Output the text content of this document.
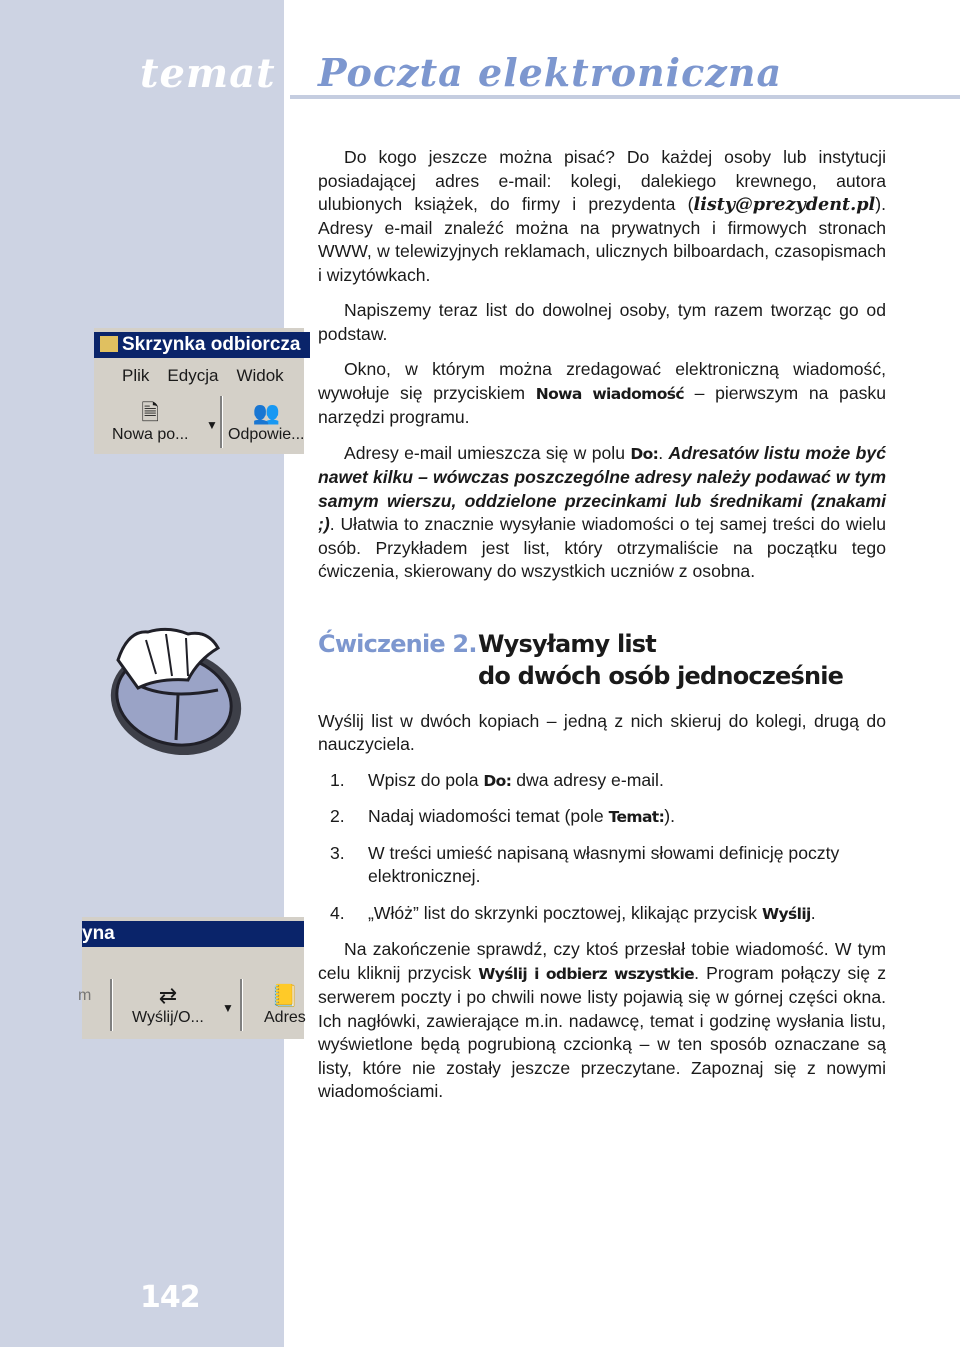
temat Poczta elektroniczna
142
Skrzynka odbiorcza
Plik Edycja Widok
🗎
Nowa po...
▼	👥
Odpowie...
yna
m	⇄
Wyślij/O...
▼	📒
Adres

Do kogo jeszcze można pisać? Do każdej osoby lub instytucji posiadającej adres e-mail: kolegi, dalekiego krewnego, autora ulubionych książek, do firmy i prezydenta (listy@prezydent.pl). Adresy e-mail znaleźć można na prywatnych i firmowych stronach WWW, w telewizyjnych reklamach, ulicznych bilboardach, czasopismach i wizytówkach.

Napiszemy teraz list do dowolnej osoby, tym razem tworząc go od podstaw.

Okno, w którym można zredagować elektroniczną wiadomość, wywołuje się przyciskiem Nowa wiadomość – pierwszym na pasku narzędzi programu.

Adresy e-mail umieszcza się w polu Do:. Adresatów listu może być nawet kilku – wówczas poszczególne adresy należy podawać w tym samym wierszu, oddzielone przecinkami lub średnikami (znakami ;). Ułatwia to znacznie wysyłanie wiadomości o tej samej treści do wielu osób. Przykładem jest list, który otrzymaliście na początku tego ćwiczenia, skierowany do wszystkich uczniów z osobna.

Ćwiczenie 2. Wysyłamy list
do dwóch osób jednocześnie

Wyślij list w dwóch kopiach – jedną z nich skieruj do kolegi, drugą do nauczyciela.

1.	Wpisz do pola Do: dwa adresy e-mail.
2.	Nadaj wiadomości temat (pole Temat:).
3.	W treści umieść napisaną własnymi słowami definicję poczty elektronicznej.
4.	„Włóż” list do skrzynki pocztowej, klikając przycisk Wyślij.

Na zakończenie sprawdź, czy ktoś przesłał tobie wiadomość. W tym celu kliknij przycisk Wyślij i odbierz wszystkie. Program połączy się z serwerem poczty i po chwili nowe listy pojawią się w górnej części okna. Ich nagłówki, zawierające m.in. nadawcę, temat i godzinę wysłania listu, wyświetlone będą pogrubioną czcionką – w ten sposób oznaczane są listy, które nie zostały jeszcze przeczytane. Zapoznaj się z nowymi wiadomościami.
